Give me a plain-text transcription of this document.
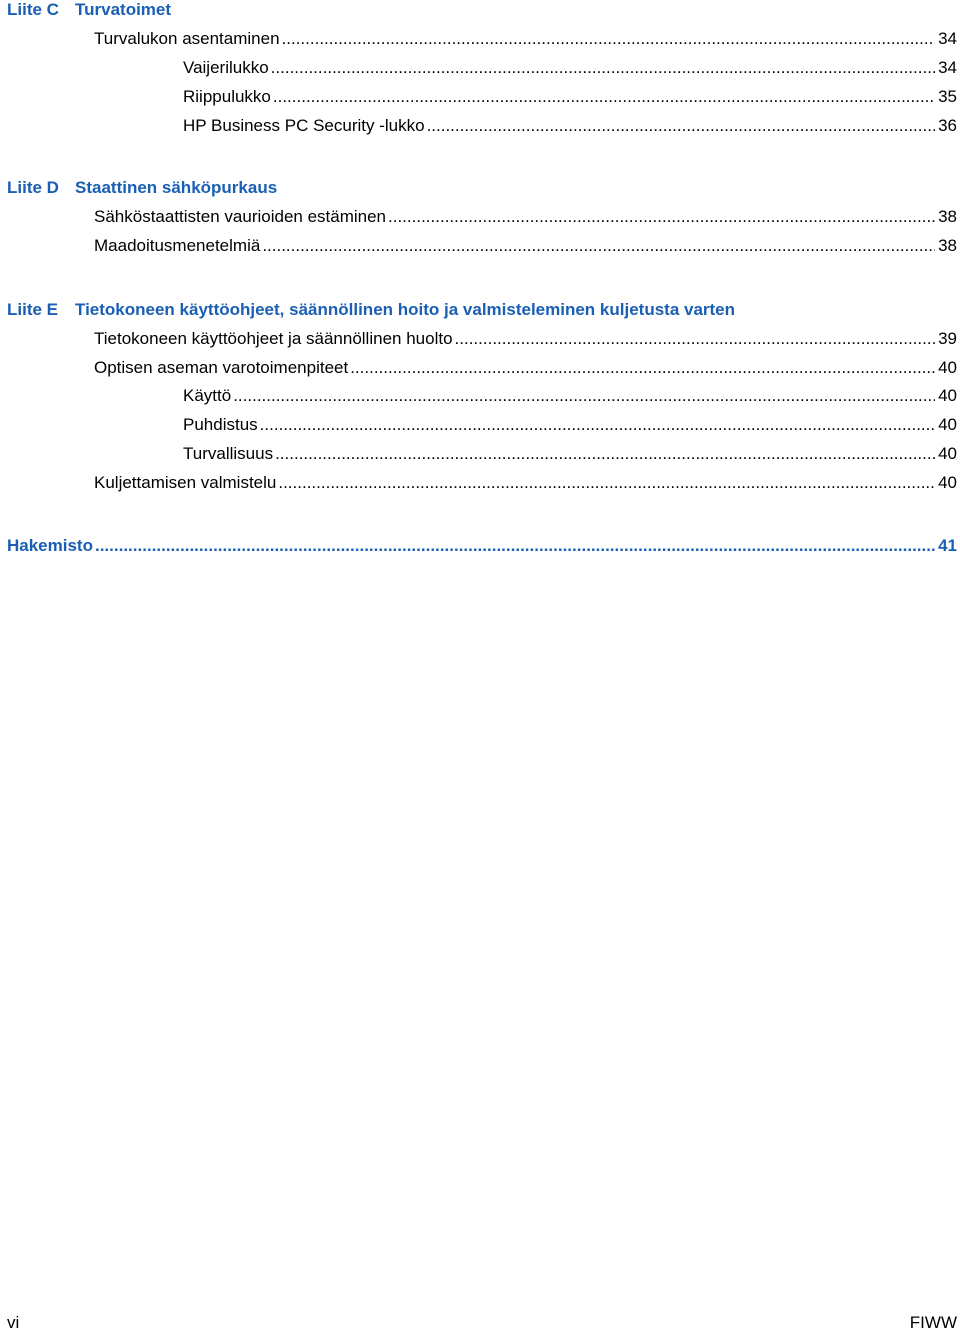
Liite C Turvatoimet
Turvalukon asentaminen .....	34
Vaijerilukko .....	34
Riippulukko .....	35
HP Business PC Security -lukko .....	36
Liite D Staattinen sähköpurkaus
Sähköstaattisten vaurioiden estäminen .....	38
Maadoitusmenetelmiä .....	38
Liite E Tietokoneen käyttöohjeet, säännöllinen hoito ja valmisteleminen kuljetusta varten
Tietokoneen käyttöohjeet ja säännöllinen huolto .....	39
Optisen aseman varotoimenpiteet .....	40
Käyttö .....	40
Puhdistus .....	40
Turvallisuus .....	40
Kuljettamisen valmistelu .....	40
Hakemisto .....	41
vi	FIWW
